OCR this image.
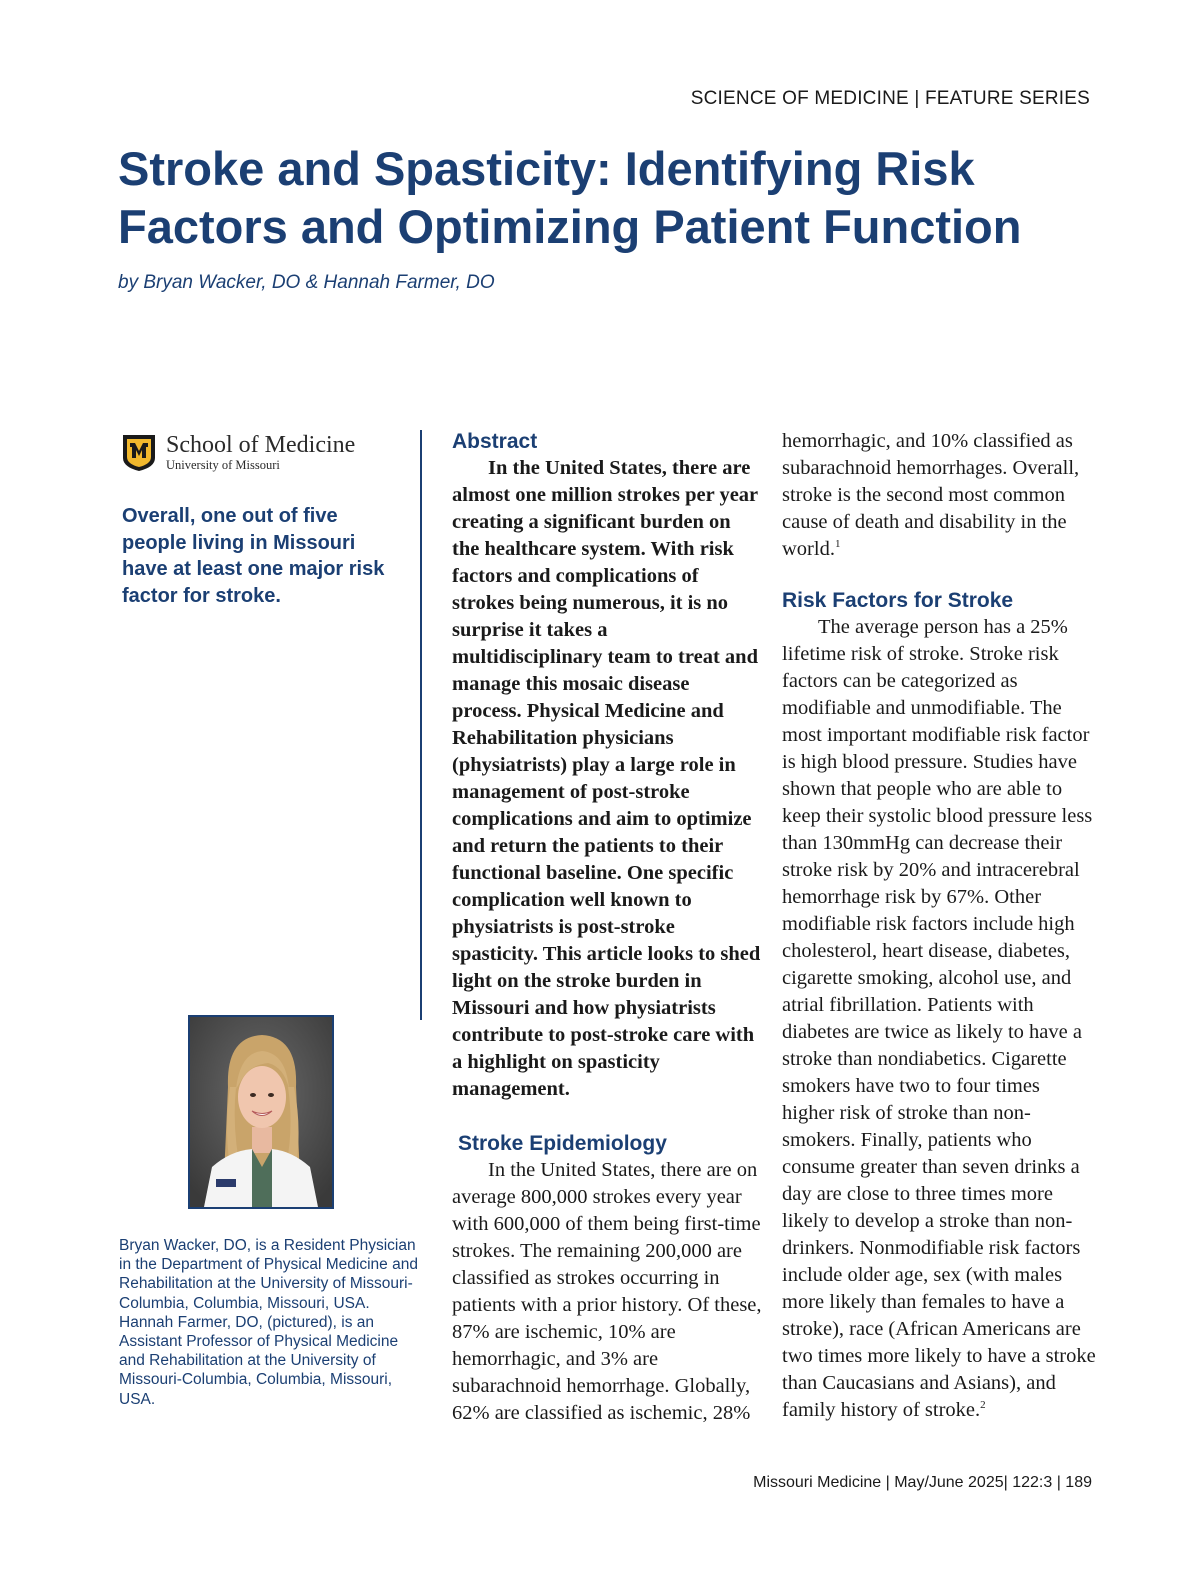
SCIENCE OF MEDICINE | FEATURE SERIES
Stroke and Spasticity: Identifying Risk Factors and Optimizing Patient Function
by Bryan Wacker, DO & Hannah Farmer, DO
School of Medicine
University of Missouri

Overall, one out of five people living in Missouri have at least one major risk factor for stroke.

Bryan Wacker, DO, is a Resident Physician in the Department of Physical Medicine and Rehabilitation at the University of Missouri-Columbia, Columbia, Missouri, USA. Hannah Farmer, DO, (pictured), is an Assistant Professor of Physical Medicine and Rehabilitation at the University of Missouri-Columbia, Columbia, Missouri, USA.

Abstract

In the United States, there are almost one million strokes per year creating a significant burden on the healthcare system. With risk factors and complications of strokes being numerous, it is no surprise it takes a multidisciplinary team to treat and manage this mosaic disease process. Physical Medicine and Rehabilitation physicians (physiatrists) play a large role in management of post-stroke complications and aim to optimize and return the patients to their functional baseline. One specific complication well known to physiatrists is post-stroke spasticity. This article looks to shed light on the stroke burden in Missouri and how physiatrists contribute to post-stroke care with a highlight on spasticity management.

Stroke Epidemiology

In the United States, there are on average 800,000 strokes every year with 600,000 of them being first-time strokes. The remaining 200,000 are classified as strokes occurring in patients with a prior history. Of these, 87% are ischemic, 10% are hemorrhagic, and 3% are subarachnoid hemorrhage. Globally, 62% are classified as ischemic, 28%

hemorrhagic, and 10% classified as subarachnoid hemorrhages. Overall, stroke is the second most common cause of death and disability in the world.$^1$

Risk Factors for Stroke

The average person has a 25% lifetime risk of stroke. Stroke risk factors can be categorized as modifiable and unmodifiable. The most important modifiable risk factor is high blood pressure. Studies have shown that people who are able to keep their systolic blood pressure less than 130mmHg can decrease their stroke risk by 20% and intracerebral hemorrhage risk by 67%. Other modifiable risk factors include high cholesterol, heart disease, diabetes, cigarette smoking, alcohol use, and atrial fibrillation. Patients with diabetes are twice as likely to have a stroke than nondiabetics. Cigarette smokers have two to four times higher risk of stroke than non-smokers. Finally, patients who consume greater than seven drinks a day are close to three times more likely to develop a stroke than non-drinkers. Nonmodifiable risk factors include older age, sex (with males more likely than females to have a stroke), race (African Americans are two times more likely to have a stroke than Caucasians and Asians), and family history of stroke.$^2$

Missouri Medicine | May/June 2025| 122:3 | 189
